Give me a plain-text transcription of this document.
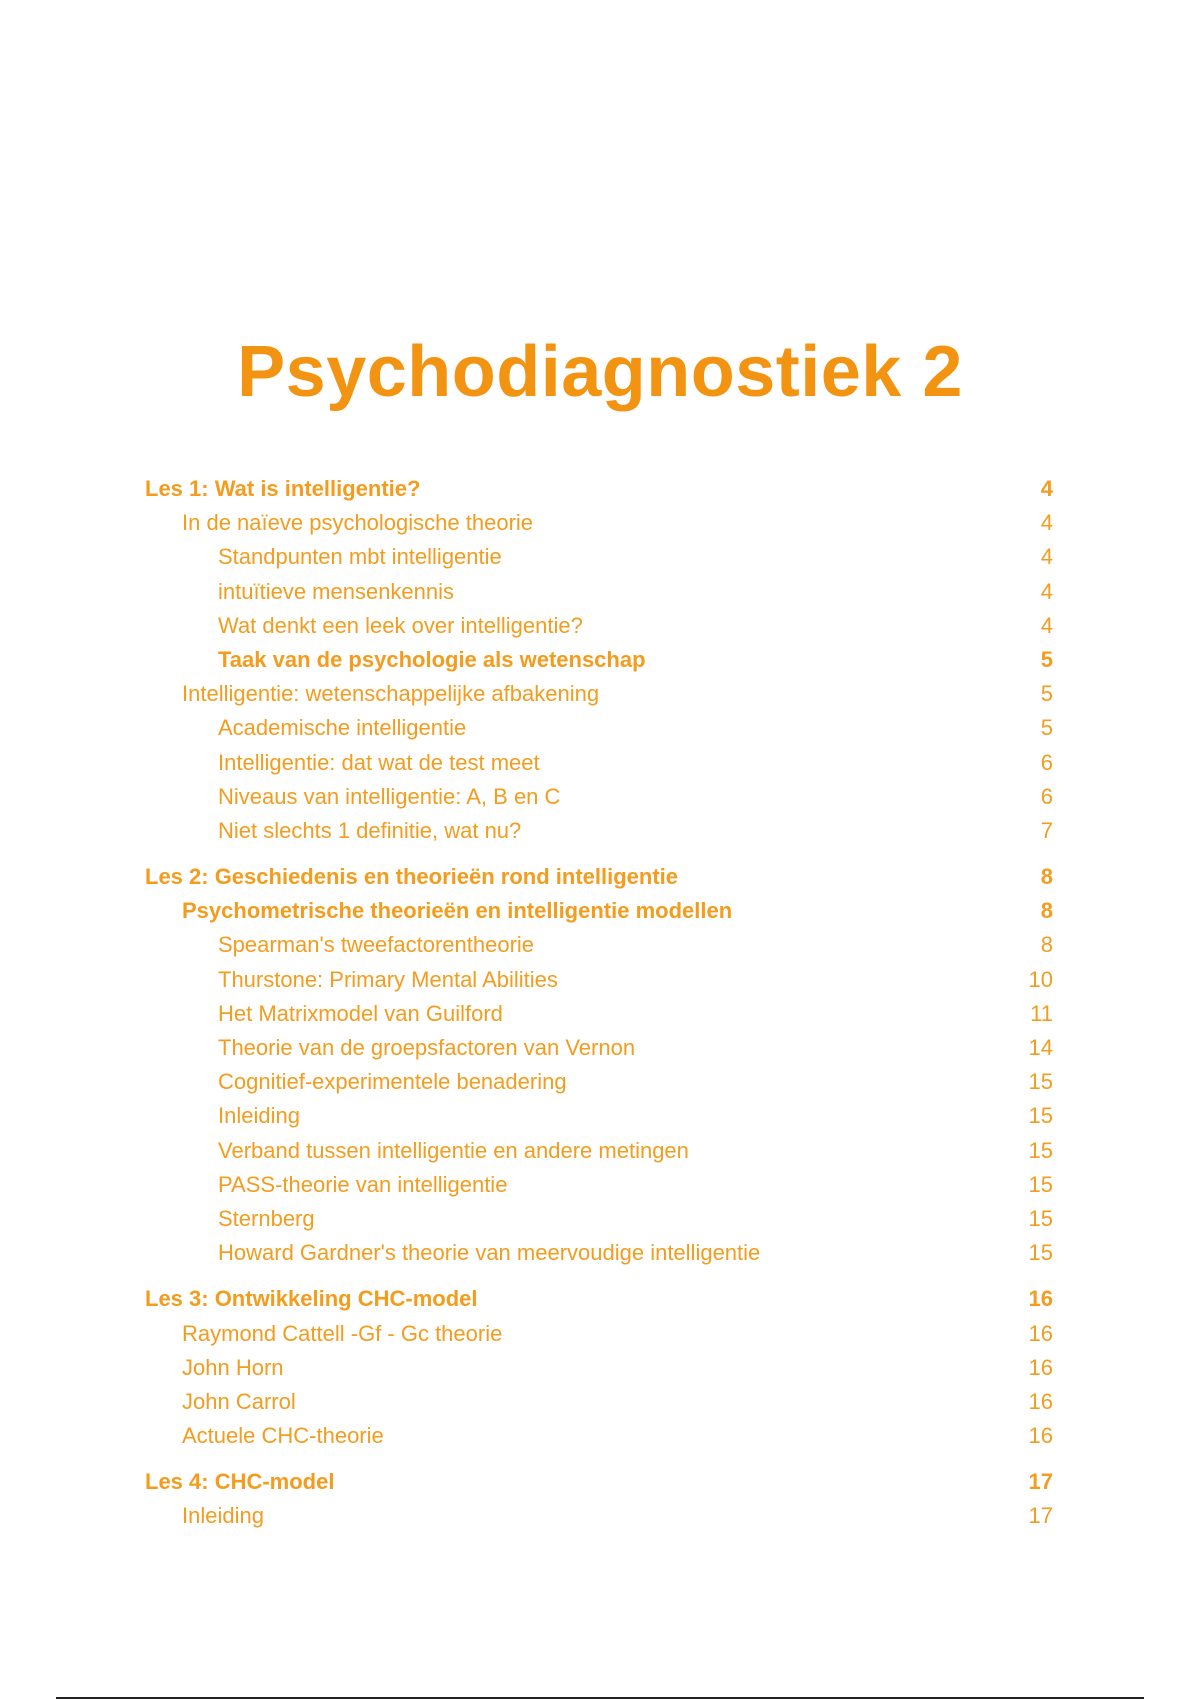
Psychodiagnostiek 2
Les 1: Wat is intelligentie?	4
In de naïeve psychologische theorie	4
Standpunten mbt intelligentie	4
intuïtieve mensenkennis	4
Wat denkt een leek over intelligentie?	4
Taak van de psychologie als wetenschap	5
Intelligentie: wetenschappelijke afbakening	5
Academische intelligentie	5
Intelligentie: dat wat de test meet	6
Niveaus van intelligentie: A, B en C	6
Niet slechts 1 definitie, wat nu?	7
Les 2: Geschiedenis en theorieën rond intelligentie	8
Psychometrische theorieën en intelligentie modellen	8
Spearman's tweefactorentheorie	8
Thurstone: Primary Mental Abilities	10
Het Matrixmodel van Guilford	11
Theorie van de groepsfactoren van Vernon	14
Cognitief-experimentele benadering	15
Inleiding	15
Verband tussen intelligentie en andere metingen	15
PASS-theorie van intelligentie	15
Sternberg	15
Howard Gardner's theorie van meervoudige intelligentie	15
Les 3: Ontwikkeling CHC-model	16
Raymond Cattell -Gf - Gc theorie	16
John Horn	16
John Carrol	16
Actuele CHC-theorie	16
Les 4: CHC-model	17
Inleiding	17
